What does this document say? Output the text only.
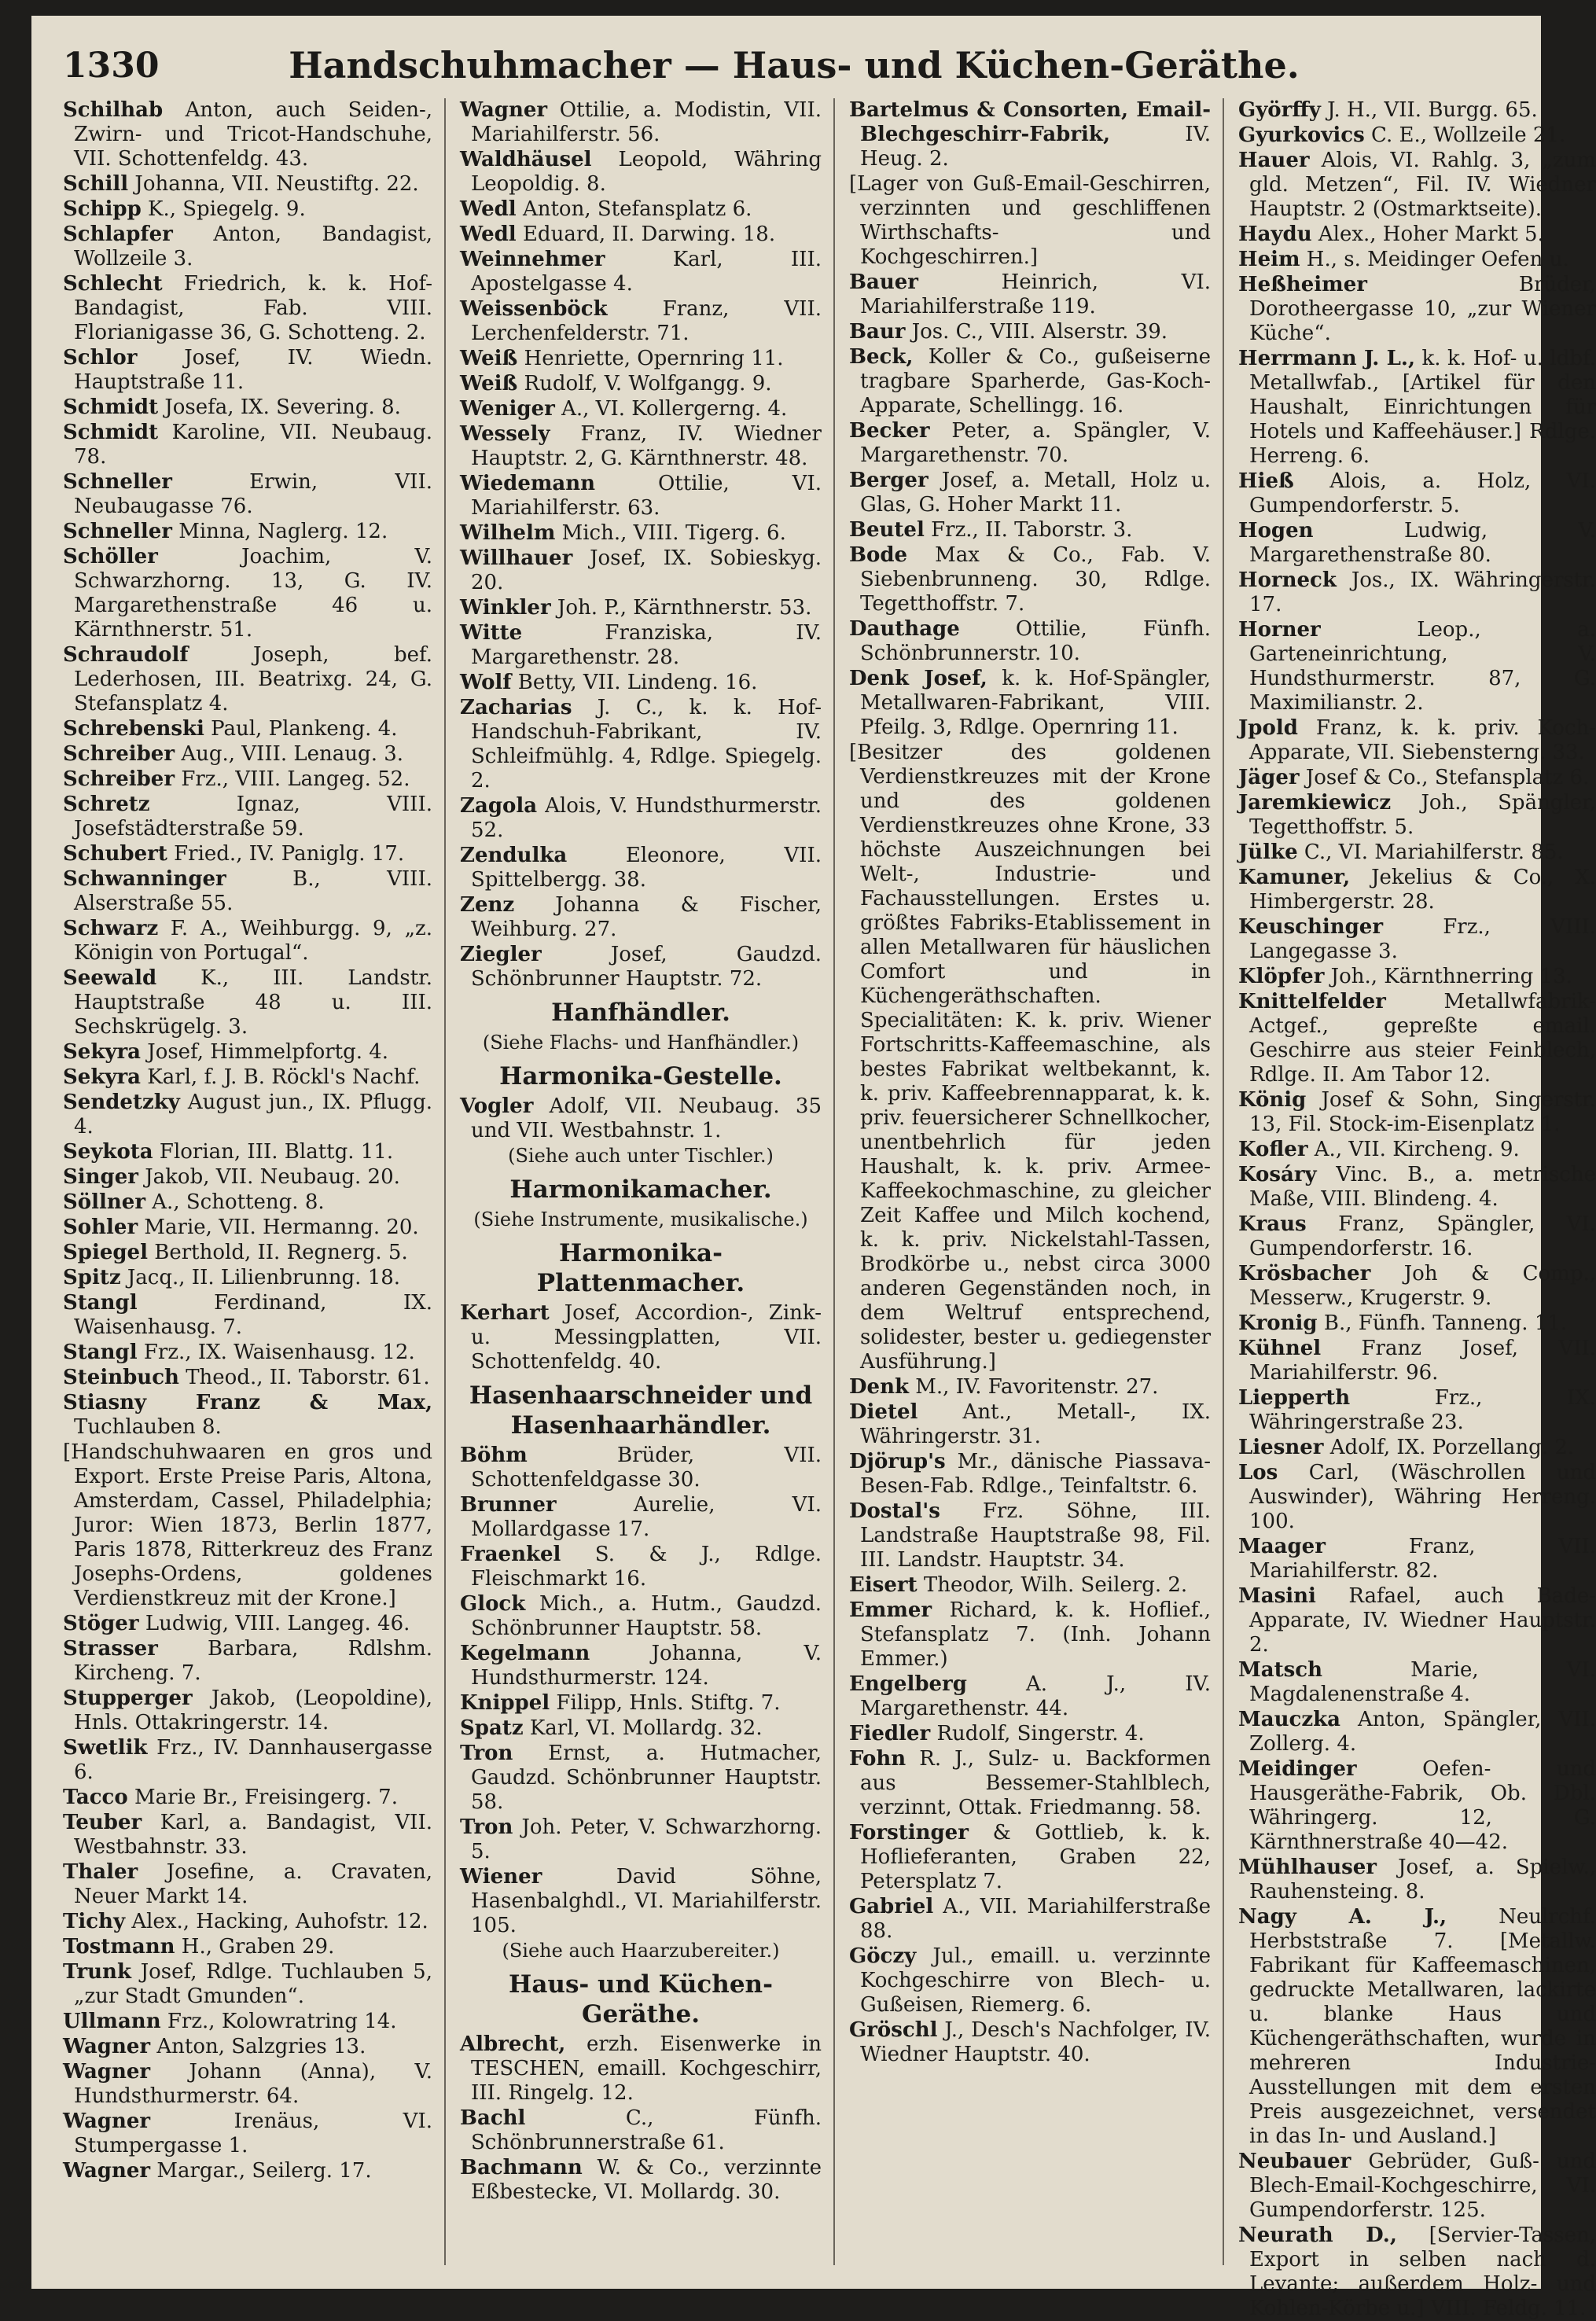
1330	Handschuhmacher — Haus- und Küchen-Geräthe.
Schilhab Anton, auch Seiden-, Zwirn- und Tricot-Handschuhe, VII. Schottenfeldg. 43.
Schill Johanna, VII. Neustiftg. 22.
Schipp K., Spiegelg. 9.
Schlapfer Anton, Bandagist, Wollzeile 3.
Schlecht Friedrich, k. k. Hof-Bandagist, Fab. VIII. Florianigasse 36, G. Schotteng. 2.
Schlor Josef, IV. Wiedn. Hauptstraße 11.
Schmidt Josefa, IX. Severing. 8.
Schmidt Karoline, VII. Neubaug. 78.
Schneller Erwin, VII. Neubaugasse 76.
Schneller Minna, Naglerg. 12.
Schöller Joachim, V. Schwarzhorng. 13, G. IV. Margarethenstraße 46 u. Kärnthnerstr. 51.
Schraudolf Joseph, bef. Lederhosen, III. Beatrixg. 24, G. Stefansplatz 4.
Schrebenski Paul, Plankeng. 4.
Schreiber Aug., VIII. Lenaug. 3.
Schreiber Frz., VIII. Langeg. 52.
Schretz Ignaz, VIII. Josefstädterstraße 59.
Schubert Fried., IV. Paniglg. 17.
Schwanninger B., VIII. Alserstraße 55.
Schwarz F. A., Weihburgg. 9, „z. Königin von Portugal“.
Seewald K., III. Landstr. Hauptstraße 48 u. III. Sechskrügelg. 3.
Sekyra Josef, Himmelpfortg. 4.
Sekyra Karl, f. J. B. Röckl's Nachf.
Sendetzky August jun., IX. Pflugg. 4.
Seykota Florian, III. Blattg. 11.
Singer Jakob, VII. Neubaug. 20.
Söllner A., Schotteng. 8.
Sohler Marie, VII. Hermanng. 20.
Spiegel Berthold, II. Regnerg. 5.
Spitz Jacq., II. Lilienbrunng. 18.
Stangl Ferdinand, IX. Waisenhausg. 7.
Stangl Frz., IX. Waisenhausg. 12.
Steinbuch Theod., II. Taborstr. 61.
Stiasny Franz & Max, Tuchlauben 8.
[Handschuhwaaren en gros und Export. Erste Preise Paris, Altona, Amsterdam, Cassel, Philadelphia; Juror: Wien 1873, Berlin 1877, Paris 1878, Ritterkreuz des Franz Josephs-Ordens, goldenes Verdienstkreuz mit der Krone.]
Stöger Ludwig, VIII. Langeg. 46.
Strasser Barbara, Rdlshm. Kircheng. 7.
Stupperger Jakob, (Leopoldine), Hnls. Ottakringerstr. 14.
Swetlik Frz., IV. Dannhausergasse 6.
Tacco Marie Br., Freisingerg. 7.
Teuber Karl, a. Bandagist, VII. Westbahnstr. 33.
Thaler Josefine, a. Cravaten, Neuer Markt 14.
Tichy Alex., Hacking, Auhofstr. 12.
Tostmann H., Graben 29.
Trunk Josef, Rdlge. Tuchlauben 5, „zur Stadt Gmunden“.
Ullmann Frz., Kolowratring 14.
Wagner Anton, Salzgries 13.
Wagner Johann (Anna), V. Hundsthurmerstr. 64.
Wagner Irenäus, VI. Stumpergasse 1.
Wagner Margar., Seilerg. 17.
Wagner Ottilie, a. Modistin, VII. Mariahilferstr. 56.
Waldhäusel Leopold, Währing Leopoldig. 8.
Wedl Anton, Stefansplatz 6.
Wedl Eduard, II. Darwing. 18.
Weinnehmer Karl, III. Apostelgasse 4.
Weissenböck Franz, VII. Lerchenfelderstr. 71.
Weiß Henriette, Opernring 11.
Weiß Rudolf, V. Wolfgangg. 9.
Weniger A., VI. Kollergerng. 4.
Wessely Franz, IV. Wiedner Hauptstr. 2, G. Kärnthnerstr. 48.
Wiedemann Ottilie, VI. Mariahilferstr. 63.
Wilhelm Mich., VIII. Tigerg. 6.
Willhauer Josef, IX. Sobieskyg. 20.
Winkler Joh. P., Kärnthnerstr. 53.
Witte Franziska, IV. Margarethenstr. 28.
Wolf Betty, VII. Lindeng. 16.
Zacharias J. C., k. k. Hof-Handschuh-Fabrikant, IV. Schleifmühlg. 4, Rdlge. Spiegelg. 2.
Zagola Alois, V. Hundsthurmerstr. 52.
Zendulka Eleonore, VII. Spittelbergg. 38.
Zenz Johanna & Fischer, Weihburg. 27.
Ziegler Josef, Gaudzd. Schönbrunner Hauptstr. 72.
Hanfhändler.
(Siehe Flachs- und Hanfhändler.)
Harmonika-Gestelle.
Vogler Adolf, VII. Neubaug. 35 und VII. Westbahnstr. 1.
(Siehe auch unter Tischler.)
Harmonikamacher.
(Siehe Instrumente, musikalische.)
Harmonika-Plattenmacher.
Kerhart Josef, Accordion-, Zink- u. Messingplatten, VII. Schottenfeldg. 40.
Hasenhaarschneider und Hasenhaarhändler.
Böhm Brüder, VII. Schottenfeldgasse 30.
Brunner Aurelie, VI. Mollardgasse 17.
Fraenkel S. & J., Rdlge. Fleischmarkt 16.
Glock Mich., a. Hutm., Gaudzd. Schönbrunner Hauptstr. 58.
Kegelmann Johanna, V. Hundsthurmerstr. 124.
Knippel Filipp, Hnls. Stiftg. 7.
Spatz Karl, VI. Mollardg. 32.
Tron Ernst, a. Hutmacher, Gaudzd. Schönbrunner Hauptstr. 58.
Tron Joh. Peter, V. Schwarzhorng. 5.
Wiener David Söhne, Hasenbalghdl., VI. Mariahilferstr. 105.
(Siehe auch Haarzubereiter.)
Haus- und Küchen-Geräthe.
Albrecht, erzh. Eisenwerke in TESCHEN, emaill. Kochgeschirr, III. Ringelg. 12.
Bachl C., Fünfh. Schönbrunnerstraße 61.
Bachmann W. & Co., verzinnte Eßbestecke, VI. Mollardg. 30.
Bartelmus & Consorten, Email-Blechgeschirr-Fabrik, IV. Heug. 2.
[Lager von Guß-Email-Geschirren, verzinnten und geschliffenen Wirthschafts- und Kochgeschirren.]
Bauer Heinrich, VI. Mariahilferstraße 119.
Baur Jos. C., VIII. Alserstr. 39.
Beck, Koller & Co., gußeiserne tragbare Sparherde, Gas-Koch-Apparate, Schellingg. 16.
Becker Peter, a. Spängler, V. Margarethenstr. 70.
Berger Josef, a. Metall, Holz u. Glas, G. Hoher Markt 11.
Beutel Frz., II. Taborstr. 3.
Bode Max & Co., Fab. V. Siebenbrunneng. 30, Rdlge. Tegetthoffstr. 7.
Dauthage Ottilie, Fünfh. Schönbrunnerstr. 10.
Denk Josef, k. k. Hof-Spängler, Metallwaren-Fabrikant, VIII. Pfeilg. 3, Rdlge. Opernring 11.
[Besitzer des goldenen Verdienstkreuzes mit der Krone und des goldenen Verdienstkreuzes ohne Krone, 33 höchste Auszeichnungen bei Welt-, Industrie- und Fachausstellungen. Erstes u. größtes Fabriks-Etablissement in allen Metallwaren für häuslichen Comfort und in Küchengeräthschaften. Specialitäten: K. k. priv. Wiener Fortschritts-Kaffeemaschine, als bestes Fabrikat weltbekannt, k. k. priv. Kaffeebrennapparat, k. k. priv. feuersicherer Schnellkocher, unentbehrlich für jeden Haushalt, k. k. priv. Armee-Kaffeekochmaschine, zu gleicher Zeit Kaffee und Milch kochend, k. k. priv. Nickelstahl-Tassen, Brodkörbe u., nebst circa 3000 anderen Gegenständen noch, in dem Weltruf entsprechend, solidester, bester u. gediegenster Ausführung.]
Denk M., IV. Favoritenstr. 27.
Dietel Ant., Metall-, IX. Währingerstr. 31.
Djörup's Mr., dänische Piassava-Besen-Fab. Rdlge., Teinfaltstr. 6.
Dostal's Frz. Söhne, III. Landstraße Hauptstraße 98, Fil. III. Landstr. Hauptstr. 34.
Eisert Theodor, Wilh. Seilerg. 2.
Emmer Richard, k. k. Hoflief., Stefansplatz 7. (Inh. Johann Emmer.)
Engelberg A. J., IV. Margarethenstr. 44.
Fiedler Rudolf, Singerstr. 4.
Fohn R. J., Sulz- u. Backformen aus Bessemer-Stahlblech, verzinnt, Ottak. Friedmanng. 58.
Forstinger & Gottlieb, k. k. Hoflieferanten, Graben 22, Petersplatz 7.
Gabriel A., VII. Mariahilferstraße 88.
Göczy Jul., emaill. u. verzinnte Kochgeschirre von Blech- u. Gußeisen, Riemerg. 6.
Gröschl J., Desch's Nachfolger, IV. Wiedner Hauptstr. 40.
Györffy J. H., VII. Burgg. 65.
Gyurkovics C. E., Wollzeile 21.
Hauer Alois, VI. Rahlg. 3, „zum gld. Metzen“, Fil. IV. Wiedner Hauptstr. 2 (Ostmarktseite).
Haydu Alex., Hoher Markt 5.
Heim H., s. Meidinger Oefen u.
Heßheimer Brüder, Dorotheergasse 10, „zur Wiener Küche“.
Herrmann J. L., k. k. Hof- u. ldbf. Metallwfab., [Artikel für den Haushalt, Einrichtungen für Hotels und Kaffeehäuser.] Rdlge. Herreng. 6.
Hieß Alois, a. Holz, VI. Gumpendorferstr. 5.
Hogen Ludwig, V. Margarethenstraße 80.
Horneck Jos., IX. Währingerstr. 17.
Horner Leop., a. Garteneinrichtung, V. Hundsthurmerstr. 87, G. Maximilianstr. 2.
Jpold Franz, k. k. priv. Koch-Apparate, VII. Siebensterng. 33.
Jäger Josef & Co., Stefansplatz 6.
Jaremkiewicz Joh., Spängler, Tegetthoffstr. 5.
Jülke C., VI. Mariahilferstr. 85.
Kamuner, Jekelius & Co., X. Himbergerstr. 28.
Keuschinger Frz., VIII. Langegasse 3.
Klöpfer Joh., Kärnthnerring 13.
Knittelfelder Metallwfabrik-Actgef., gepreßte email. Geschirre aus steier Feinblech, Rdlge. II. Am Tabor 12.
König Josef & Sohn, Singerstr. 13, Fil. Stock-im-Eisenplatz 1.
Kofler A., VII. Kircheng. 9.
Kosáry Vinc. B., a. metrische Maße, VIII. Blindeng. 4.
Kraus Franz, Spängler, VI. Gumpendorferstr. 16.
Krösbacher Joh & Comp., Messerw., Krugerstr. 9.
Kronig B., Fünfh. Tanneng. 11.
Kühnel Franz Josef, VII. Mariahilferstr. 96.
Liepperth Frz., IX. Währingerstraße 23.
Liesner Adolf, IX. Porzellang. 2.
Los Carl, (Wäschrollen und Auswinder), Währing Herreng. 100.
Maager Franz, VII. Mariahilferstr. 82.
Masini Rafael, auch Bade-Apparate, IV. Wiedner Hauptstr. 2.
Matsch Marie, VI. Magdalenenstraße 4.
Mauczka Anton, Spängler, VII. Zollerg. 4.
Meidinger Oefen- und Hausgeräthe-Fabrik, Ob. Dbl. Währingerg. 12, G. Kärnthnerstraße 40—42.
Mühlhauser Josef, a. Spielw., Rauhensteing. 8.
Nagy A. J., Neulrchf. Herbststraße 7. [Metallw. Fabrikant für Kaffeemaschinen, gedruckte Metallwaren, lackirte u. blanke Haus und Küchengeräthschaften, wurde in mehreren Industrie-Ausstellungen mit dem ersten Preis ausgezeichnet, versendet in das In- und Ausland.]
Neubauer Gebrüder, Guß- und Blech-Email-Kochgeschirre, VI. Gumpendorferstr. 125.
Neurath D., [Servier-Tassen, Export in selben nach d. Levante; außerdem Holz- und Kohlen-Körbe u.] VIII. Feldg. 11.
